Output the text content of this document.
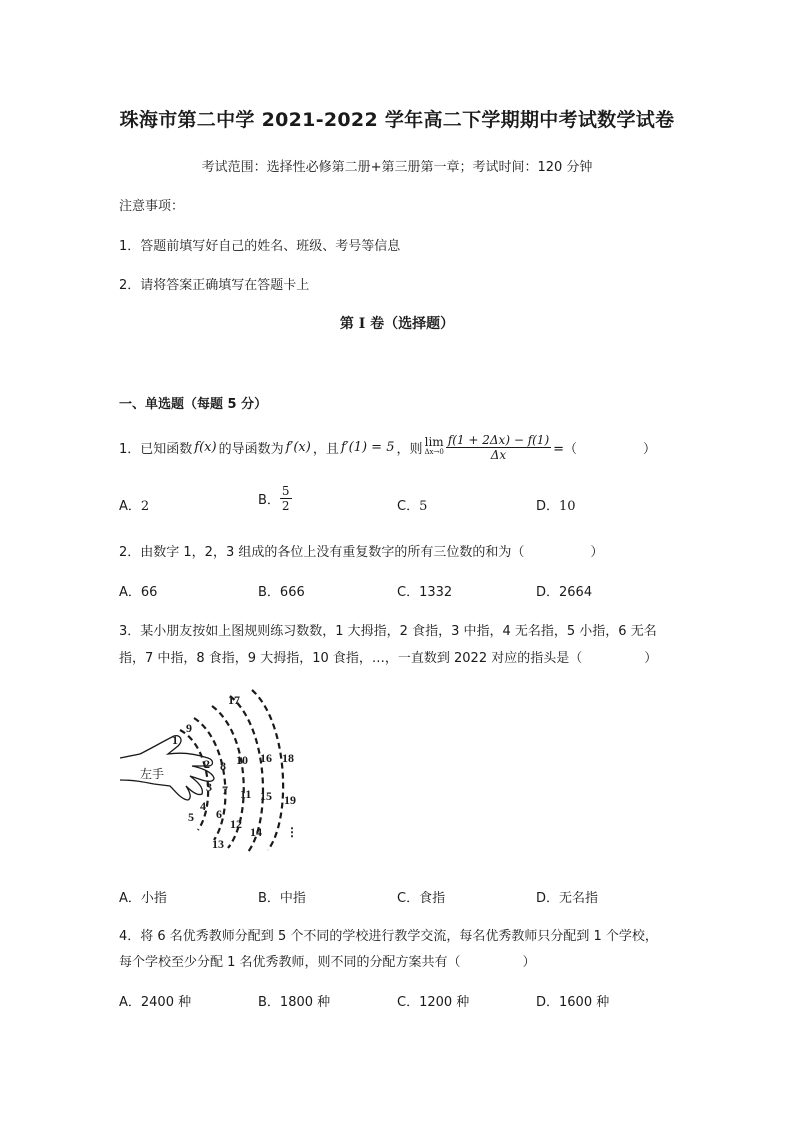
珠海市第二中学 2021-2022 学年高二下学期期中考试数学试卷
考试范围：选择性必修第二册+第三册第一章；考试时间：120 分钟
注意事项：
1．答题前填写好自己的姓名、班级、考号等信息
2．请将答案正确填写在答题卡上
第 I 卷（选择题）
一、单选题（每题 5 分）
1．已知函数 f(x) 的导函数为 f′(x) ，且 f′(1) = 5 ，则 lim
$\Delta x\to 0 \frac{f(1 + 2\Delta x) - f(1)}{\Delta x}$ =（	）
A．2	B． $\frac{5}{2}$	C．5	D．10
2．由数字 1，2，3 组成的各位上没有重复数字的所有三位数的和为（	）
A．66	B．666	C．1332	D．2664
3．某小朋友按如上图规则练习数数，1 大拇指，2 食指，3 中指，4 无名指，5 小指，6 无名
指，7 中指，8 食指，9 大拇指，10 食指，…，一直数到 2022 对应的指头是（	）
左手
1
2
3
4
5 6
7
8
9
10
11
12
13
14
15
16
17
18
19
⋮
A．小指	B．中指	C．食指	D．无名指
4．将 6 名优秀教师分配到 5 个不同的学校进行教学交流，每名优秀教师只分配到 1 个学校，
每个学校至少分配 1 名优秀教师，则不同的分配方案共有（	）
A．2400 种	B．1800 种	C．1200 种	D．1600 种
